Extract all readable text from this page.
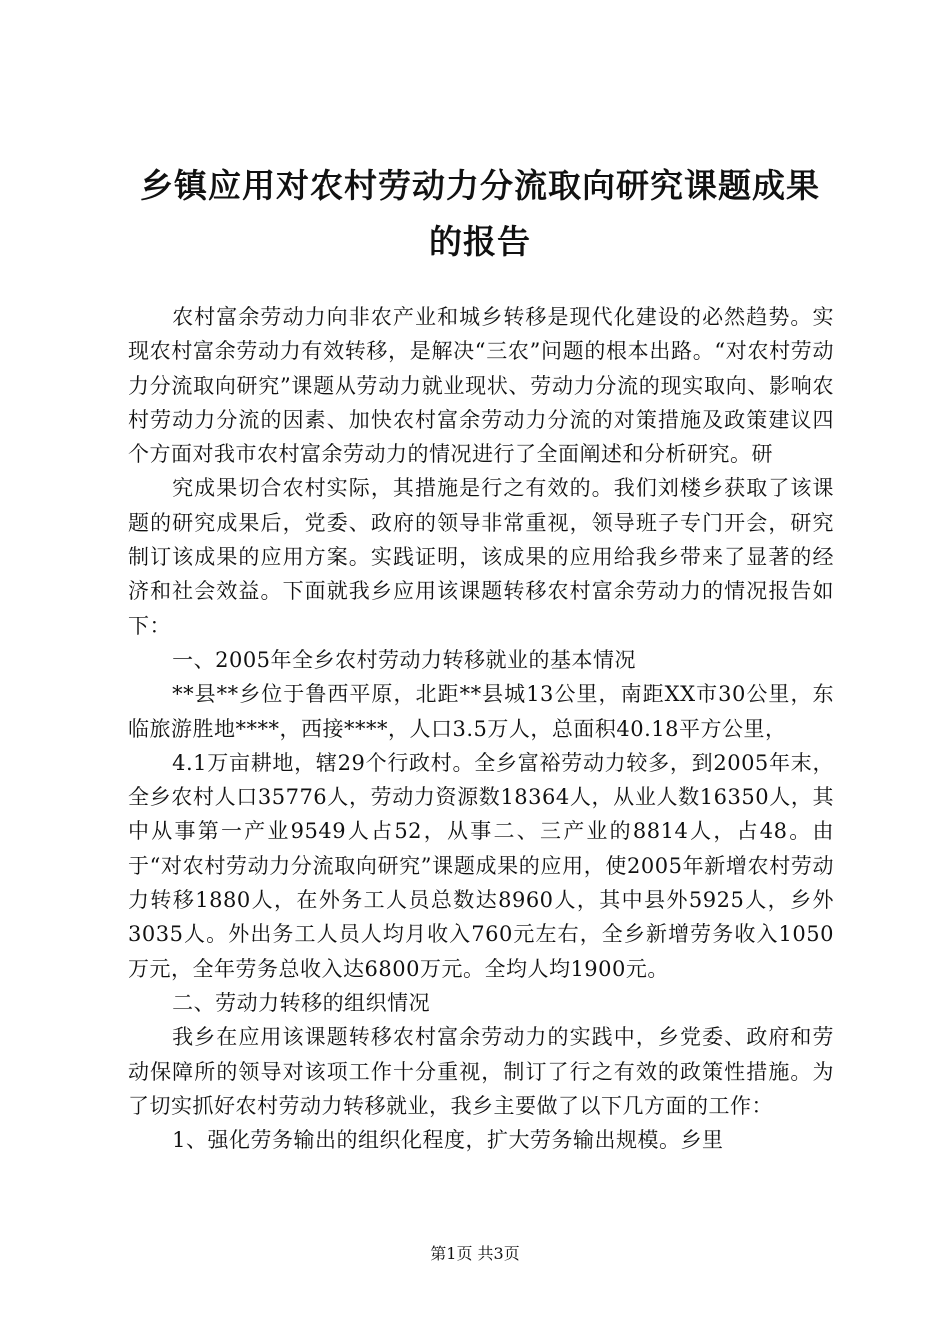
乡镇应用对农村劳动力分流取向研究课题成果
的报告

农村富余劳动力向非农产业和城乡转移是现代化建设的必然趋势。实现农村富余劳动力有效转移，是解决“三农”问题的根本出路。“对农村劳动力分流取向研究”课题从劳动力就业现状、劳动力分流的现实取向、影响农村劳动力分流的因素、加快农村富余劳动力分流的对策措施及政策建议四个方面对我市农村富余劳动力的情况进行了全面阐述和分析研究。研

究成果切合农村实际，其措施是行之有效的。我们刘楼乡获取了该课题的研究成果后，党委、政府的领导非常重视，领导班子专门开会，研究制订该成果的应用方案。实践证明，该成果的应用给我乡带来了显著的经济和社会效益。下面就我乡应用该课题转移农村富余劳动力的情况报告如下：

一、2005年全乡农村劳动力转移就业的基本情况

**县**乡位于鲁西平原，北距**县城13公里，南距XX市30公里，东临旅游胜地****，西接****，人口3.5万人，总面积40.18平方公里，

4.1万亩耕地，辖29个行政村。全乡富裕劳动力较多，到2005年末，全乡农村人口35776人，劳动力资源数18364人，从业人数16350人，其中从事第一产业9549人占52，从事二、三产业的8814人，占48。由于“对农村劳动力分流取向研究”课题成果的应用，使2005年新增农村劳动力转移1880人，在外务工人员总数达8960人，其中县外5925人，乡外3035人。外出务工人员人均月收入760元左右，全乡新增劳务收入1050万元，全年劳务总收入达6800万元。全均人均1900元。

二、劳动力转移的组织情况

我乡在应用该课题转移农村富余劳动力的实践中，乡党委、政府和劳动保障所的领导对该项工作十分重视，制订了行之有效的政策性措施。为了切实抓好农村劳动力转移就业，我乡主要做了以下几方面的工作：

1、强化劳务输出的组织化程度，扩大劳务输出规模。乡里

第1页 共3页
